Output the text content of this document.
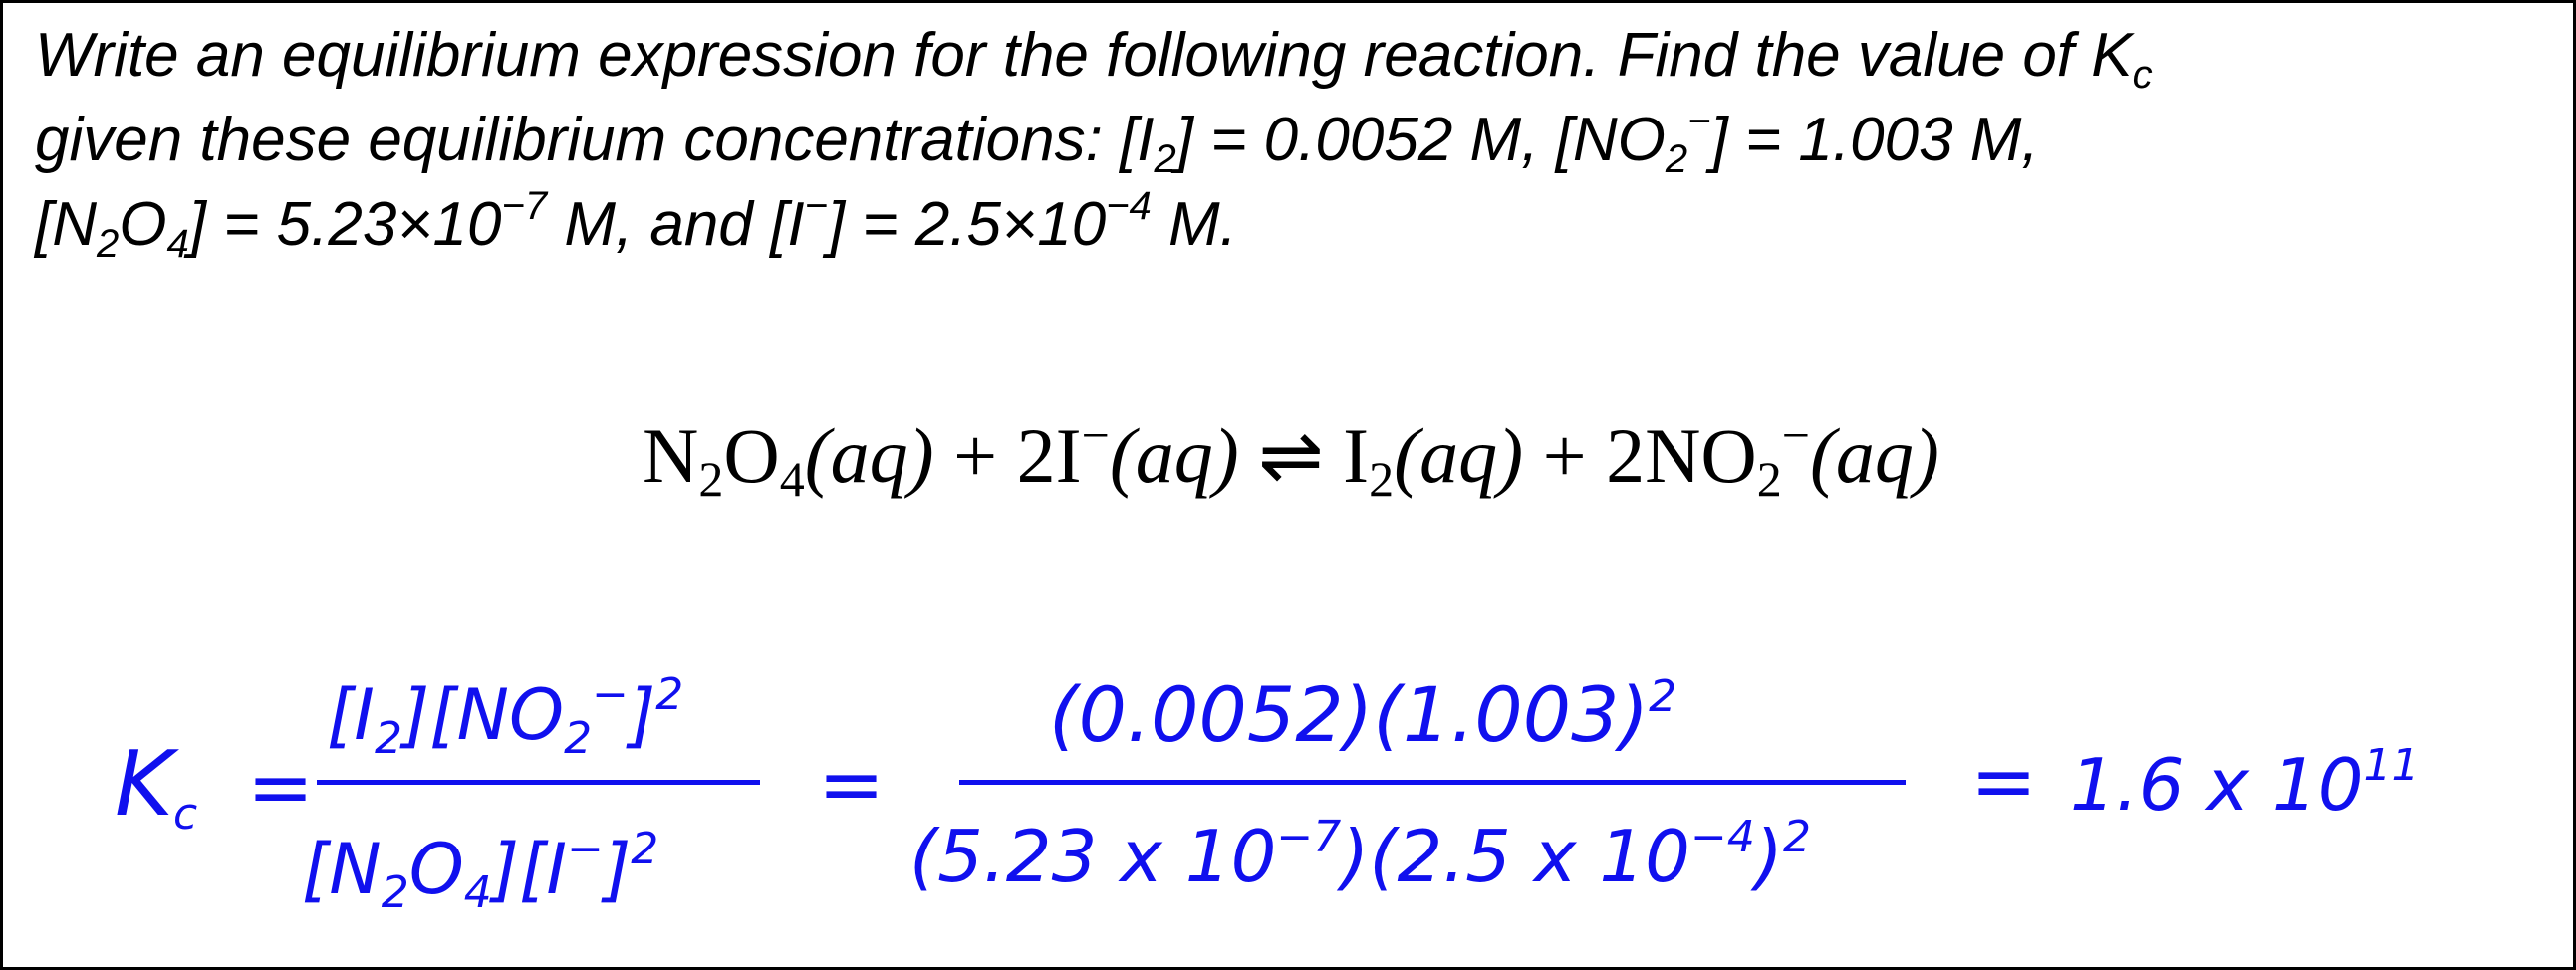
Write an equilibrium expression for the following reaction. Find the value of $K_c$
given these equilibrium concentrations: $[I_2] = 0.0052$ M, $[NO_2^-] = 1.003$ M,
$[N_2O_4] = 5.23\times 10^{-7}$ M, and $[I^-] = 2.5\times 10^{-4}$ M.

$N_2O_4(aq) + 2I^-(aq)$ ⇌ $I_2(aq) + 2NO_2^-(aq)$
$K_c$ =
$[I_2][NO_2^-]^2$
$[N_2O_4][I^-]^2$
=
$(0.0052)(1.003)^2$
(5.23 x $10^{-7})(2.5$ x $10^{-4})^2$
= 1.6 x $10^{11}$
